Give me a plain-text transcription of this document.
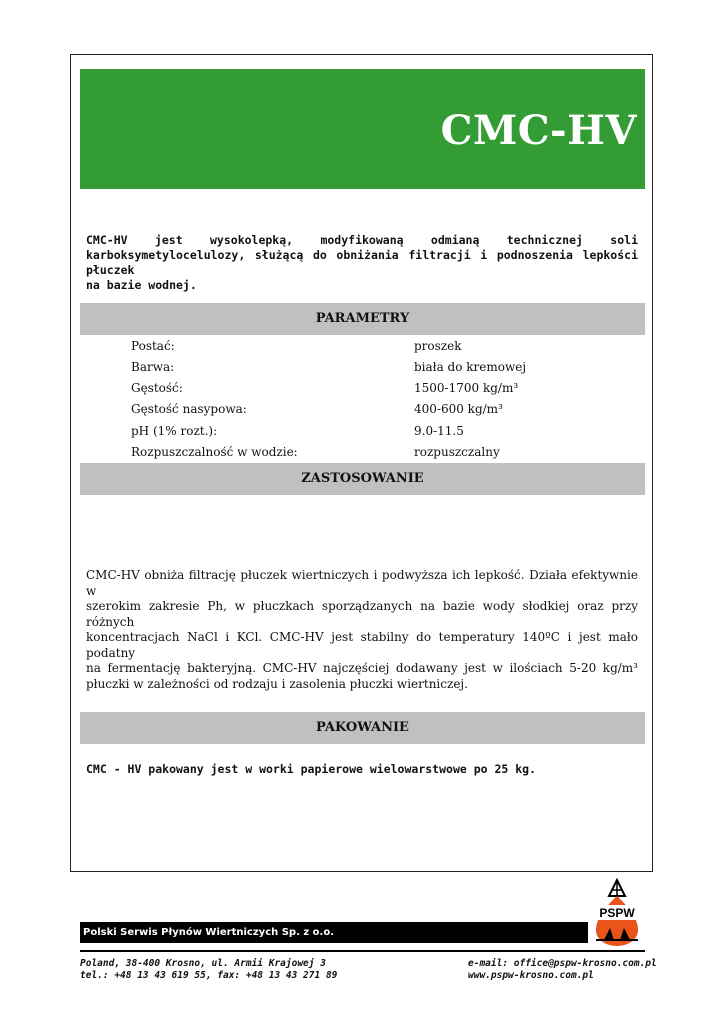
CMC-HV
CMC-HV jest wysokolepką, modyfikowaną odmianą technicznej soli
karboksymetylocelulozy, służącą do obniżania filtracji i podnoszenia lepkości płuczek
na bazie wodnej.
PARAMETRY
Postać:	proszek
Barwa:	biała do kremowej
Gęstość:	1500-1700 kg/m³
Gęstość nasypowa:	400-600 kg/m³
pH (1% rozt.):	9.0-11.5
Rozpuszczalność w wodzie:	rozpuszczalny
ZASTOSOWANIE
CMC-HV obniża filtrację płuczek wiertniczych i podwyższa ich lepkość. Działa efektywnie w
szerokim zakresie Ph, w płuczkach sporządzanych na bazie wody słodkiej oraz przy różnych
koncentracjach NaCl i KCl. CMC-HV jest stabilny do temperatury 140ºC i jest mało podatny
na fermentację bakteryjną. CMC-HV najczęściej dodawany jest w ilościach 5-20 kg/m³
płuczki w zależności od rodzaju i zasolenia płuczki wiertniczej.
PAKOWANIE
CMC - HV pakowany jest w worki papierowe wielowarstwowe po 25 kg.
Polski Serwis Płynów Wiertniczych Sp. z o.o.
PSPW
Poland, 38-400 Krosno, ul. Armii Krajowej 3
tel.: +48 13 43 619 55, fax: +48 13 43 271 89
e-mail: office@pspw-krosno.com.pl
www.pspw-krosno.com.pl
